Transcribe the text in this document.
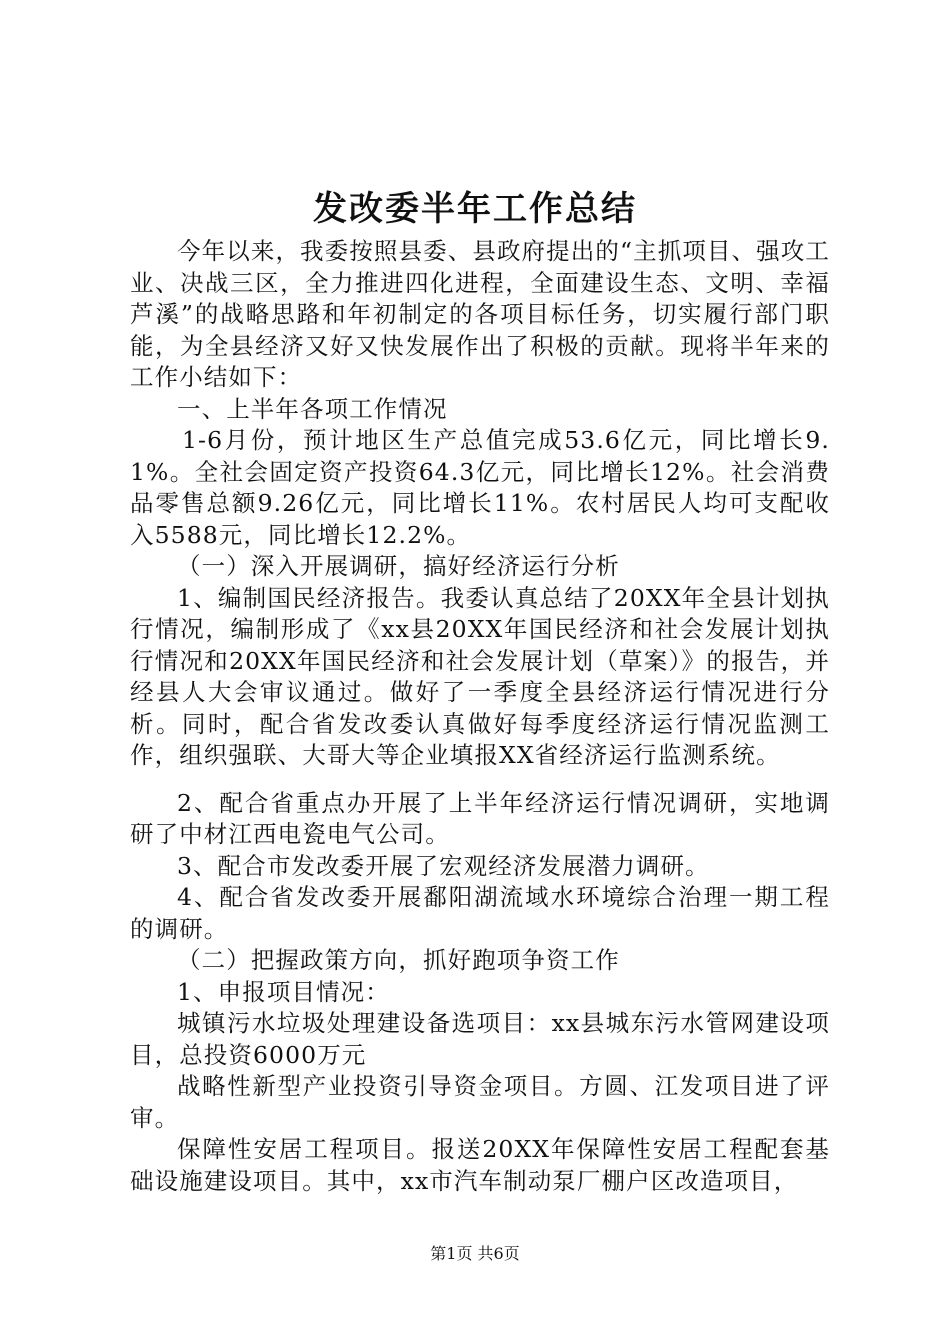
发改委半年工作总结

今年以来，我委按照县委、县政府提出的“主抓项目、强攻工业、决战三区，全力推进四化进程，全面建设生态、文明、幸福芦溪”的战略思路和年初制定的各项目标任务，切实履行部门职能，为全县经济又好又快发展作出了积极的贡献。现将半年来的工作小结如下：

一、上半年各项工作情况

1-6月份，预计地区生产总值完成53.6亿元，同比增长9.1%。全社会固定资产投资64.3亿元，同比增长12%。社会消费品零售总额9.26亿元，同比增长11%。农村居民人均可支配收入5588元，同比增长12.2%。

（一）深入开展调研，搞好经济运行分析

1、编制国民经济报告。我委认真总结了20XX年全县计划执行情况，编制形成了《xx县20XX年国民经济和社会发展计划执行情况和20XX年国民经济和社会发展计划（草案）》的报告，并经县人大会审议通过。做好了一季度全县经济运行情况进行分析。同时，配合省发改委认真做好每季度经济运行情况监测工作，组织强联、大哥大等企业填报XX省经济运行监测系统。

2、配合省重点办开展了上半年经济运行情况调研，实地调研了中材江西电瓷电气公司。

3、配合市发改委开展了宏观经济发展潜力调研。

4、配合省发改委开展鄱阳湖流域水环境综合治理一期工程的调研。

（二）把握政策方向，抓好跑项争资工作

1、申报项目情况：

城镇污水垃圾处理建设备选项目：xx县城东污水管网建设项目，总投资6000万元

战略性新型产业投资引导资金项目。方圆、江发项目进了评审。

保障性安居工程项目。报送20XX年保障性安居工程配套基础设施建设项目。其中，xx市汽车制动泵厂棚户区改造项目，

第1页 共6页
